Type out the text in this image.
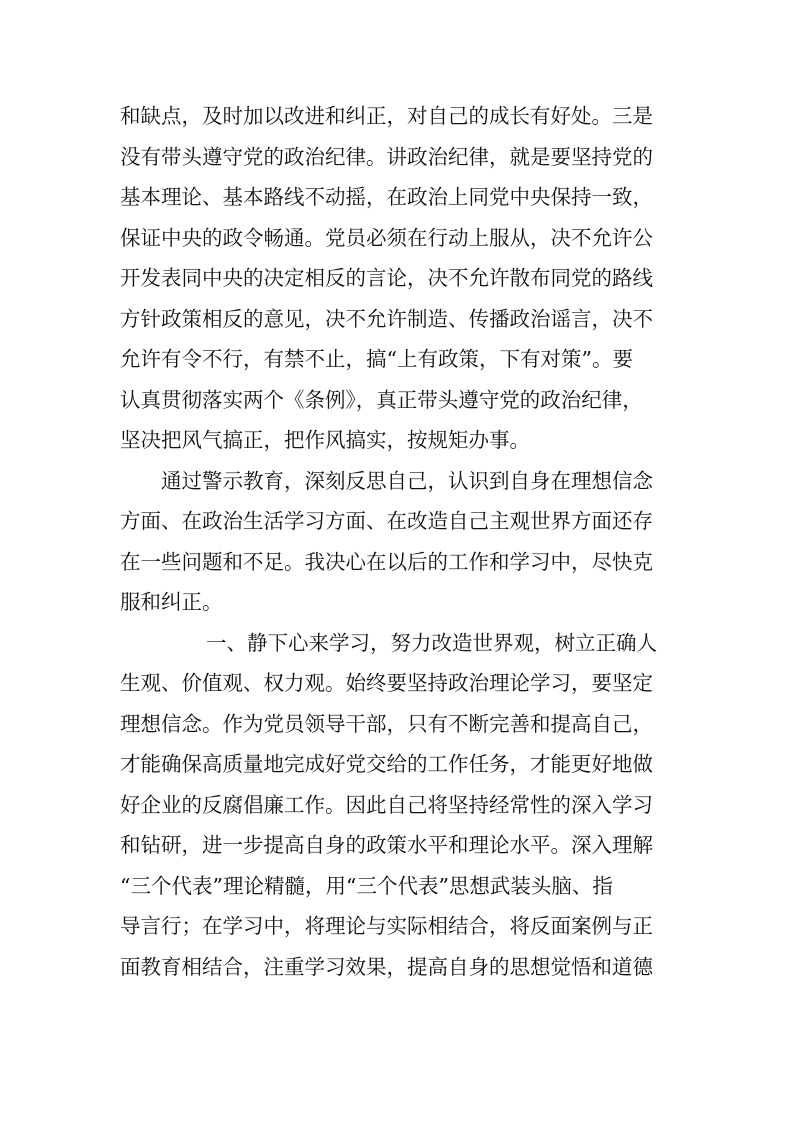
和缺点，及时加以改进和纠正，对自己的成长有好处。三是
没有带头遵守党的政治纪律。讲政治纪律，就是要坚持党的
基本理论、基本路线不动摇，在政治上同党中央保持一致，
保证中央的政令畅通。党员必须在行动上服从，决不允许公
开发表同中央的决定相反的言论，决不允许散布同党的路线
方针政策相反的意见，决不允许制造、传播政治谣言，决不
允许有令不行，有禁不止，搞“上有政策，下有对策”。要
认真贯彻落实两个《条例》，真正带头遵守党的政治纪律，
坚决把风气搞正，把作风搞实，按规矩办事。
通过警示教育，深刻反思自己，认识到自身在理想信念
方面、在政治生活学习方面、在改造自己主观世界方面还存
在一些问题和不足。我决心在以后的工作和学习中，尽快克
服和纠正。
一、静下心来学习，努力改造世界观，树立正确人
生观、价值观、权力观。始终要坚持政治理论学习，要坚定
理想信念。作为党员领导干部，只有不断完善和提高自己，
才能确保高质量地完成好党交给的工作任务，才能更好地做
好企业的反腐倡廉工作。因此自己将坚持经常性的深入学习
和钻研，进一步提高自身的政策水平和理论水平。深入理解
“三个代表”理论精髓，用“三个代表”思想武装头脑、指
导言行；在学习中，将理论与实际相结合，将反面案例与正
面教育相结合，注重学习效果，提高自身的思想觉悟和道德
